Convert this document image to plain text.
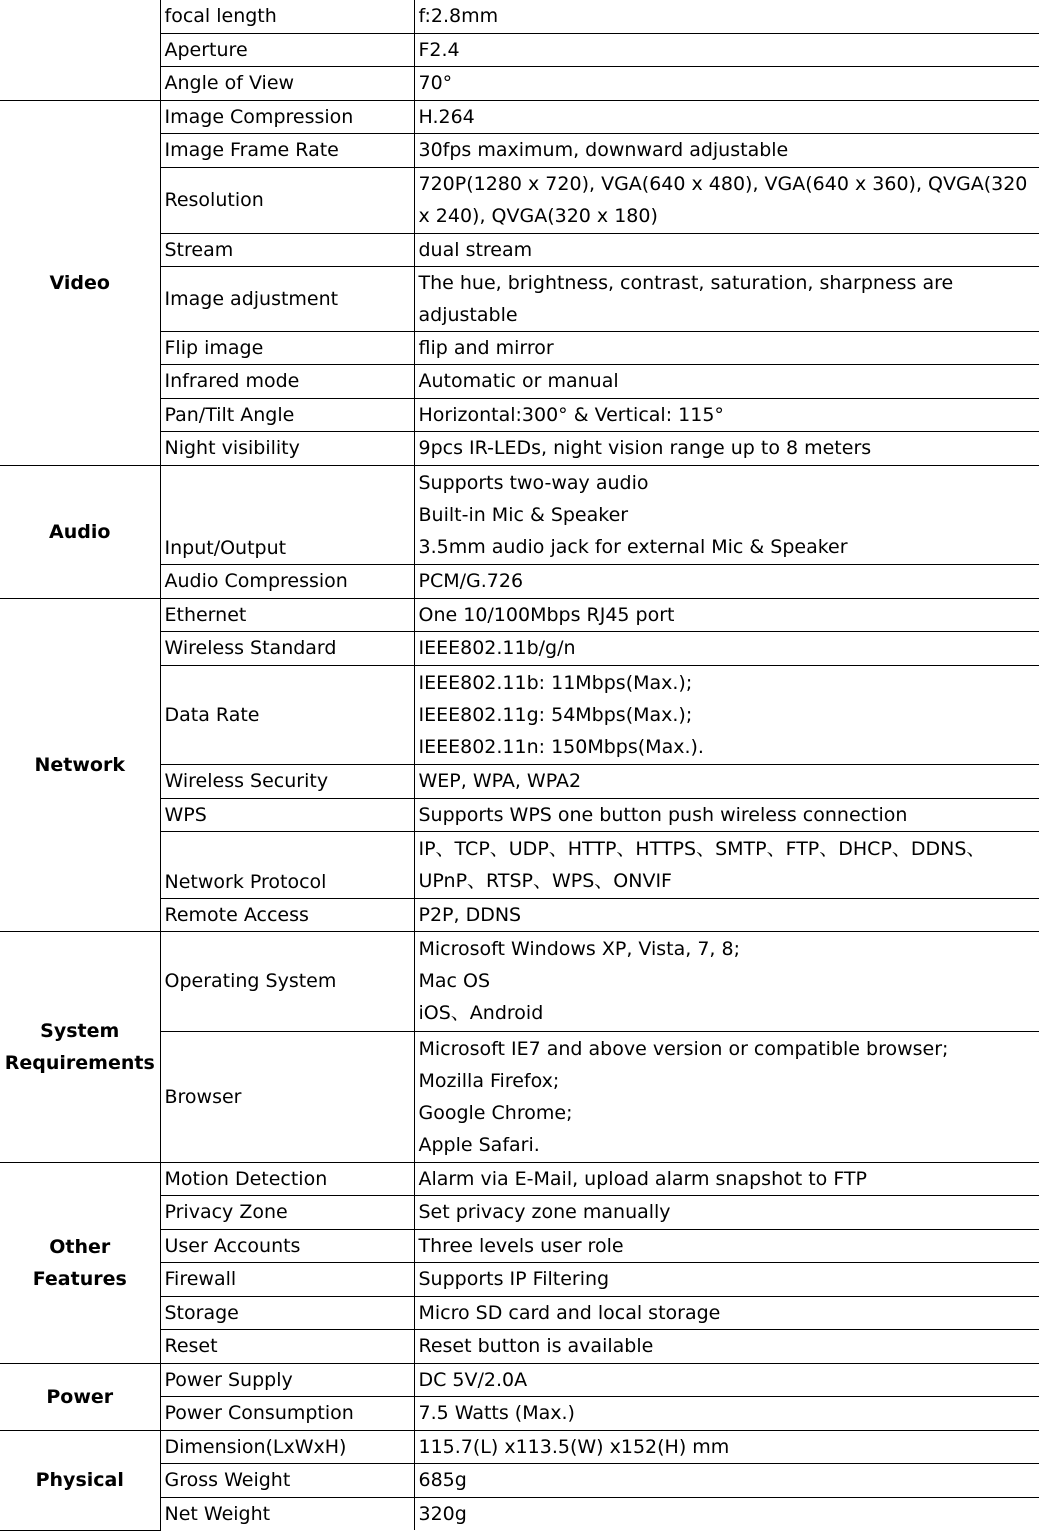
	focal length	f:2.8mm
	Aperture	F2.4
	Angle of View	70°
Video	Image Compression	H.264
	Image Frame Rate	30fps maximum, downward adjustable
	Resolution	720P(1280 x 720), VGA(640 x 480), VGA(640 x 360), QVGA(320 x 240), QVGA(320 x 180)
	Stream	dual stream
	Image adjustment	The hue, brightness, contrast, saturation, sharpness are adjustable
	Flip image	flip and mirror
	Infrared mode	Automatic or manual
	Pan/Tilt Angle	Horizontal:300° & Vertical: 115°
	Night visibility	9pcs IR-LEDs, night vision range up to 8 meters
Audio	Input/Output	Supports two-way audio
Built-in Mic & Speaker
3.5mm audio jack for external Mic & Speaker
	Audio Compression	PCM/G.726
Network	Ethernet	One 10/100Mbps RJ45 port
	Wireless Standard	IEEE802.11b/g/n
	Data Rate	IEEE802.11b: 11Mbps(Max.);
IEEE802.11g: 54Mbps(Max.);
IEEE802.11n: 150Mbps(Max.).
	Wireless Security	WEP, WPA, WPA2
	WPS	Supports WPS one button push wireless connection
	Network Protocol	IP、TCP、UDP、HTTP、HTTPS、SMTP、FTP、DHCP、DDNS、UPnP、RTSP、WPS、ONVIF
	Remote Access	P2P, DDNS
System
Requirements	Operating System	Microsoft Windows XP, Vista, 7, 8;
Mac OS
iOS、Android
	Browser	Microsoft IE7 and above version or compatible browser;
Mozilla Firefox;
Google Chrome;
Apple Safari.
Other Features	Motion Detection	Alarm via E-Mail, upload alarm snapshot to FTP
	Privacy Zone	Set privacy zone manually
	User Accounts	Three levels user role
	Firewall	Supports IP Filtering
	Storage	Micro SD card and local storage
	Reset	Reset button is available
Power	Power Supply	DC 5V/2.0A
	Power Consumption	7.5 Watts (Max.)
Physical	Dimension(LxWxH)	115.7(L) x113.5(W) x152(H) mm
	Gross Weight	685g
	Net Weight	320g
